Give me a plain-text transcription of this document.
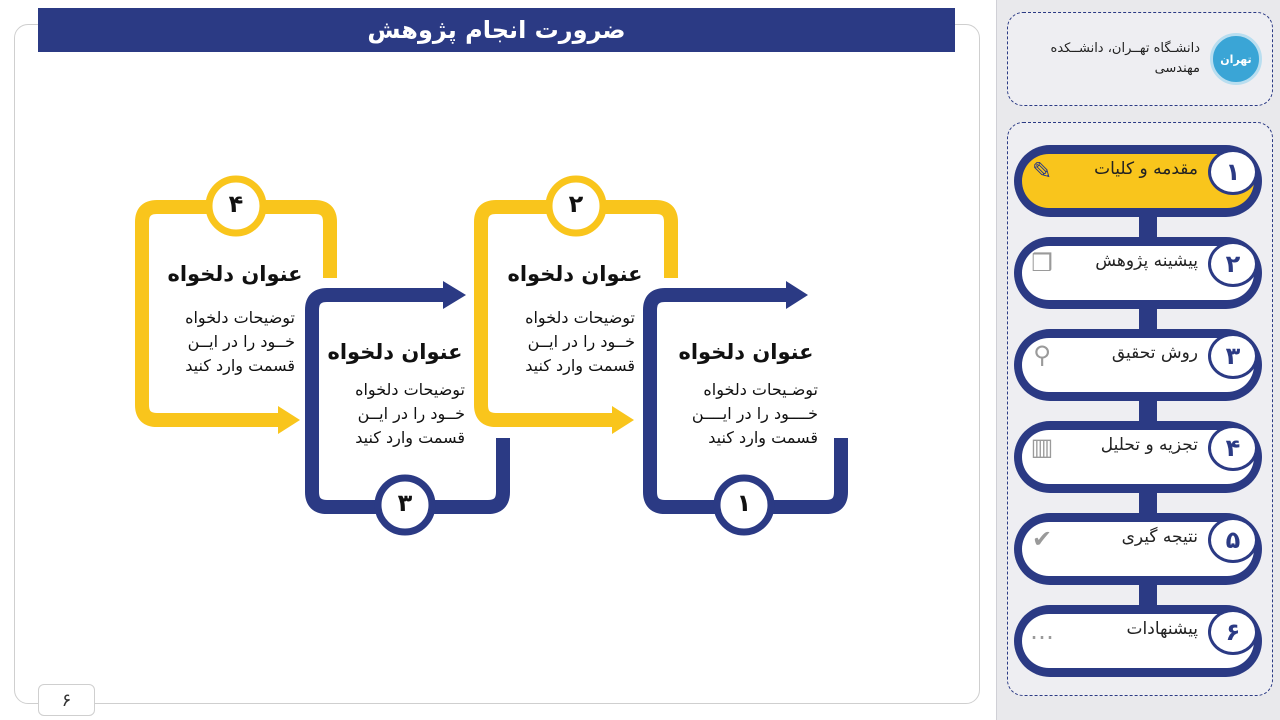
ضرورت انجام پژوهش
۴	۲
۳	۱
عنوان دلخواه
توضیحات دلخواه
خــود را در ایــن
قسمت وارد کنید
عنوان دلخواه
توضیحات دلخواه
خــود را در ایــن
قسمت وارد کنید
عنوان دلخواه
توضیحات دلخواه
خــود را در ایــن
قسمت وارد کنید
عنوان دلخواه
توضـیحات دلخواه
خــــود را در ایــــن
قسمت وارد کنید
۶
تهران
دانشـگاه تهــران، دانشــکده مهندسی
✎	مقدمه و کلیات	۱
❒	پیشینه پژوهش	۲
⚲	روش تحقیق	۳
▥	تجزیه و تحلیل	۴
✔	نتیجه گیری	۵
…	پیشنهادات	۶
